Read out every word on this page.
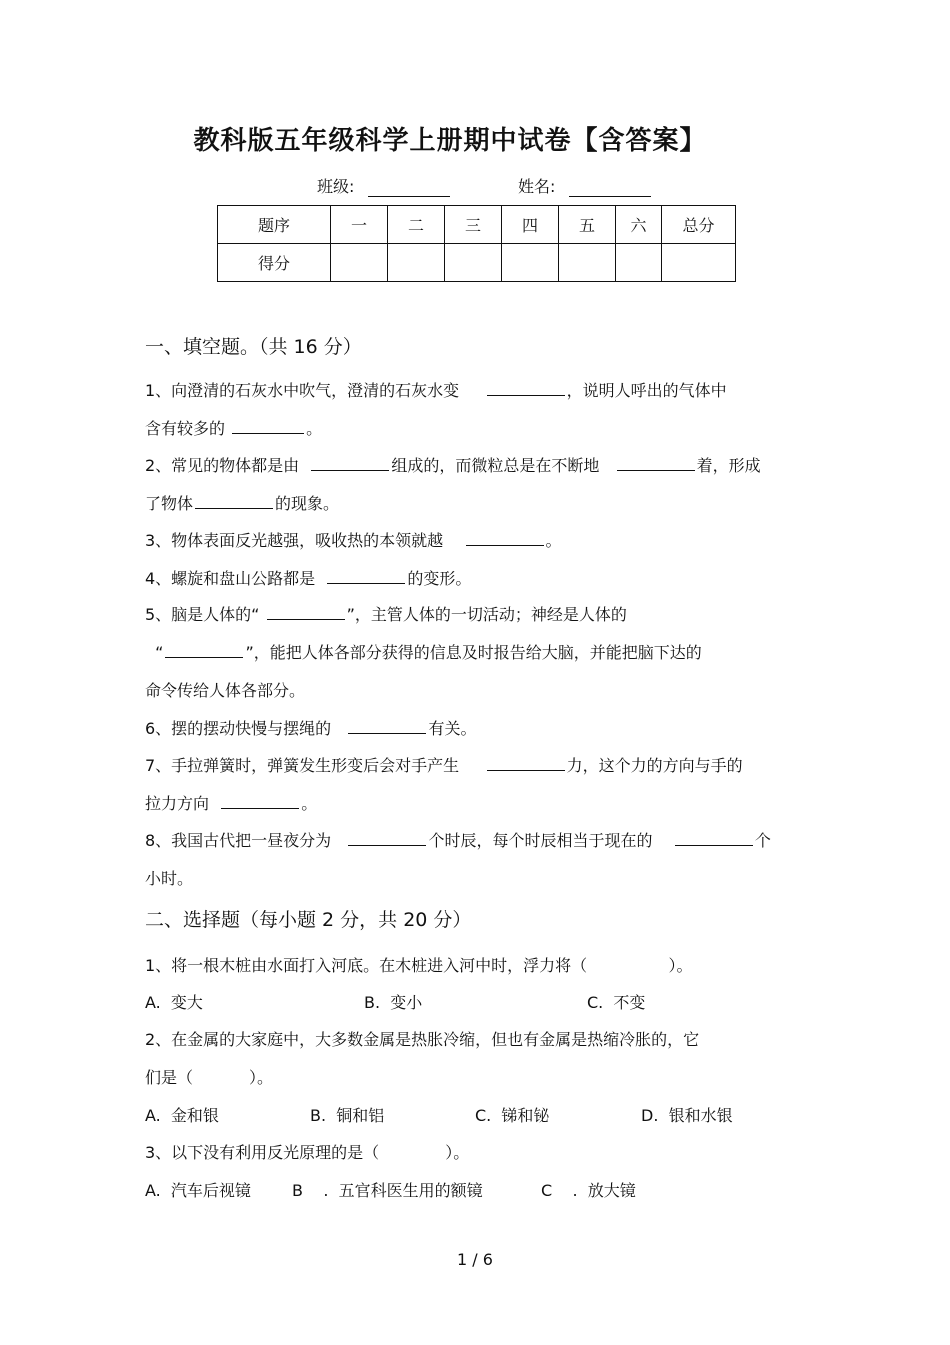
教科版五年级科学上册期中试卷【含答案】
班级:	姓名:
题序	一	二	三	四	五	六	总分
得分							
一、填空题。（共 16 分）
1、向澄清的石灰水中吹气，澄清的石灰水变	，说明人呼出的气体中
含有较多的	。
2、常见的物体都是由	组成的，而微粒总是在不断地	着，形成
了物体	的现象。
3、物体表面反光越强，吸收热的本领就越	。
4、螺旋和盘山公路都是	的变形。
5、脑是人体的“	”，主管人体的一切活动；神经是人体的
“	”，能把人体各部分获得的信息及时报告给大脑，并能把脑下达的
命令传给人体各部分。
6、摆的摆动快慢与摆绳的	有关。
7、手拉弹簧时，弹簧发生形变后会对手产生	力，这个力的方向与手的
拉力方向	。
8、我国古代把一昼夜分为	个时辰，每个时辰相当于现在的	个
小时。
二、选择题（每小题 2 分，共 20 分）
1、将一根木桩由水面打入河底。在木桩进入河中时，浮力将（                ）。
A.  变大	B.  变小	C.  不变
2、在金属的大家庭中，大多数金属是热胀冷缩，但也有金属是热缩冷胀的，它
们是（           ）。
A.  金和银	B.  铜和铝	C.  锑和铋	D.  银和水银
3、以下没有利用反光原理的是（             ）。
A.  汽车后视镜	B    .  五官科医生用的额镜	C    .  放大镜
1 / 6
